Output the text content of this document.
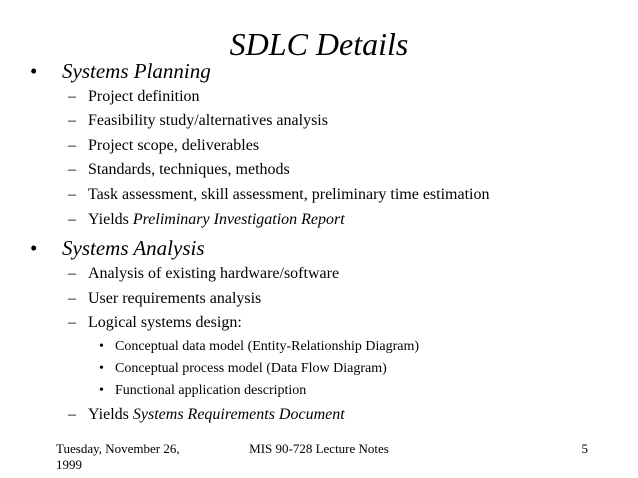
SDLC Details
• Systems Planning
– Project definition
– Feasibility study/alternatives analysis
– Project scope, deliverables
– Standards, techniques, methods
– Task assessment, skill assessment, preliminary time estimation
– Yields Preliminary Investigation Report
• Systems Analysis
– Analysis of existing hardware/software
– User requirements analysis
– Logical systems design:
• Conceptual data model (Entity-Relationship Diagram)
• Conceptual process model (Data Flow Diagram)
• Functional application description
– Yields Systems Requirements Document
Tuesday, November 26, 1999
MIS 90-728 Lecture Notes	5
